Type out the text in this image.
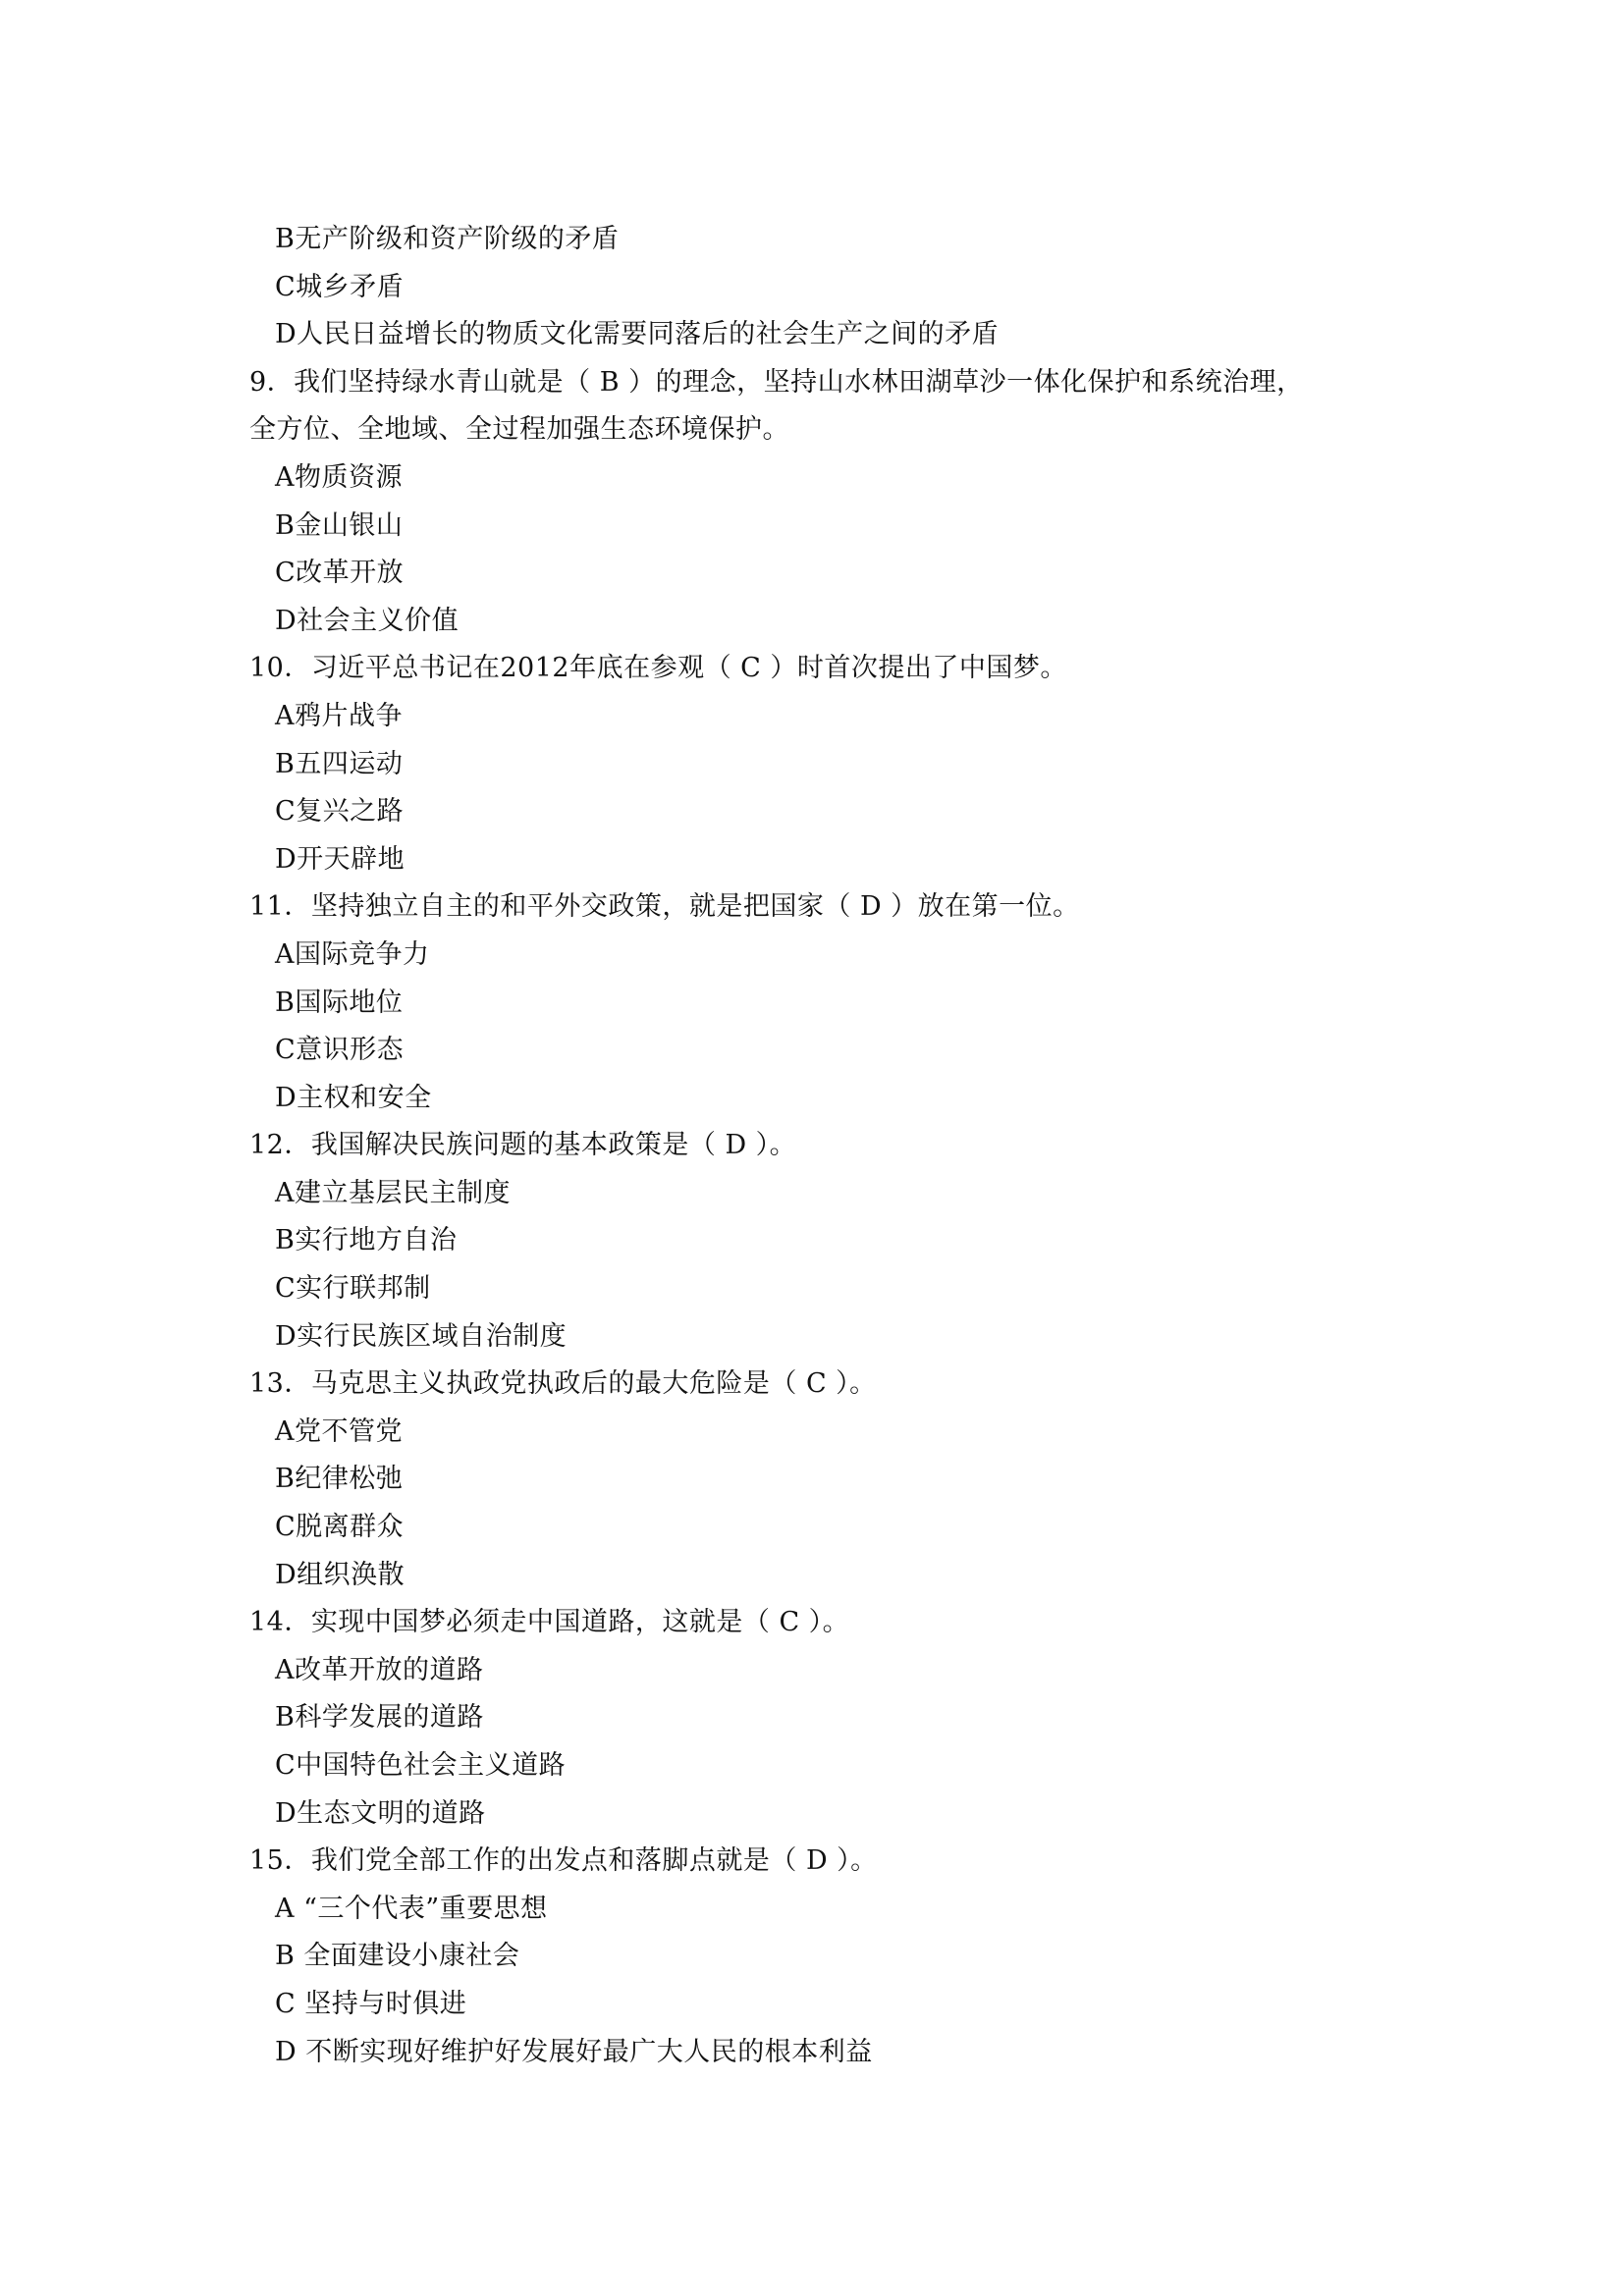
B无产阶级和资产阶级的矛盾
C城乡矛盾
D人民日益增长的物质文化需要同落后的社会生产之间的矛盾
9．我们坚持绿水青山就是（ B ）的理念，坚持山水林田湖草沙一体化保护和系统治理，
全方位、全地域、全过程加强生态环境保护。
A物质资源
B金山银山
C改革开放
D社会主义价值
10．习近平总书记在2012年底在参观（ C ）时首次提出了中国梦。
A鸦片战争
B五四运动
C复兴之路
D开天辟地
11．坚持独立自主的和平外交政策，就是把国家（ D ）放在第一位。
A国际竞争力
B国际地位
C意识形态
D主权和安全
12．我国解决民族问题的基本政策是（ D ）。
A建立基层民主制度
B实行地方自治
C实行联邦制
D实行民族区域自治制度
13．马克思主义执政党执政后的最大危险是（ C ）。
A党不管党
B纪律松弛
C脱离群众
D组织涣散
14．实现中国梦必须走中国道路，这就是（ C ）。
A改革开放的道路
B科学发展的道路
C中国特色社会主义道路
D生态文明的道路
15．我们党全部工作的出发点和落脚点就是（ D ）。
A “三个代表”重要思想
B 全面建设小康社会
C 坚持与时俱进
D 不断实现好维护好发展好最广大人民的根本利益
